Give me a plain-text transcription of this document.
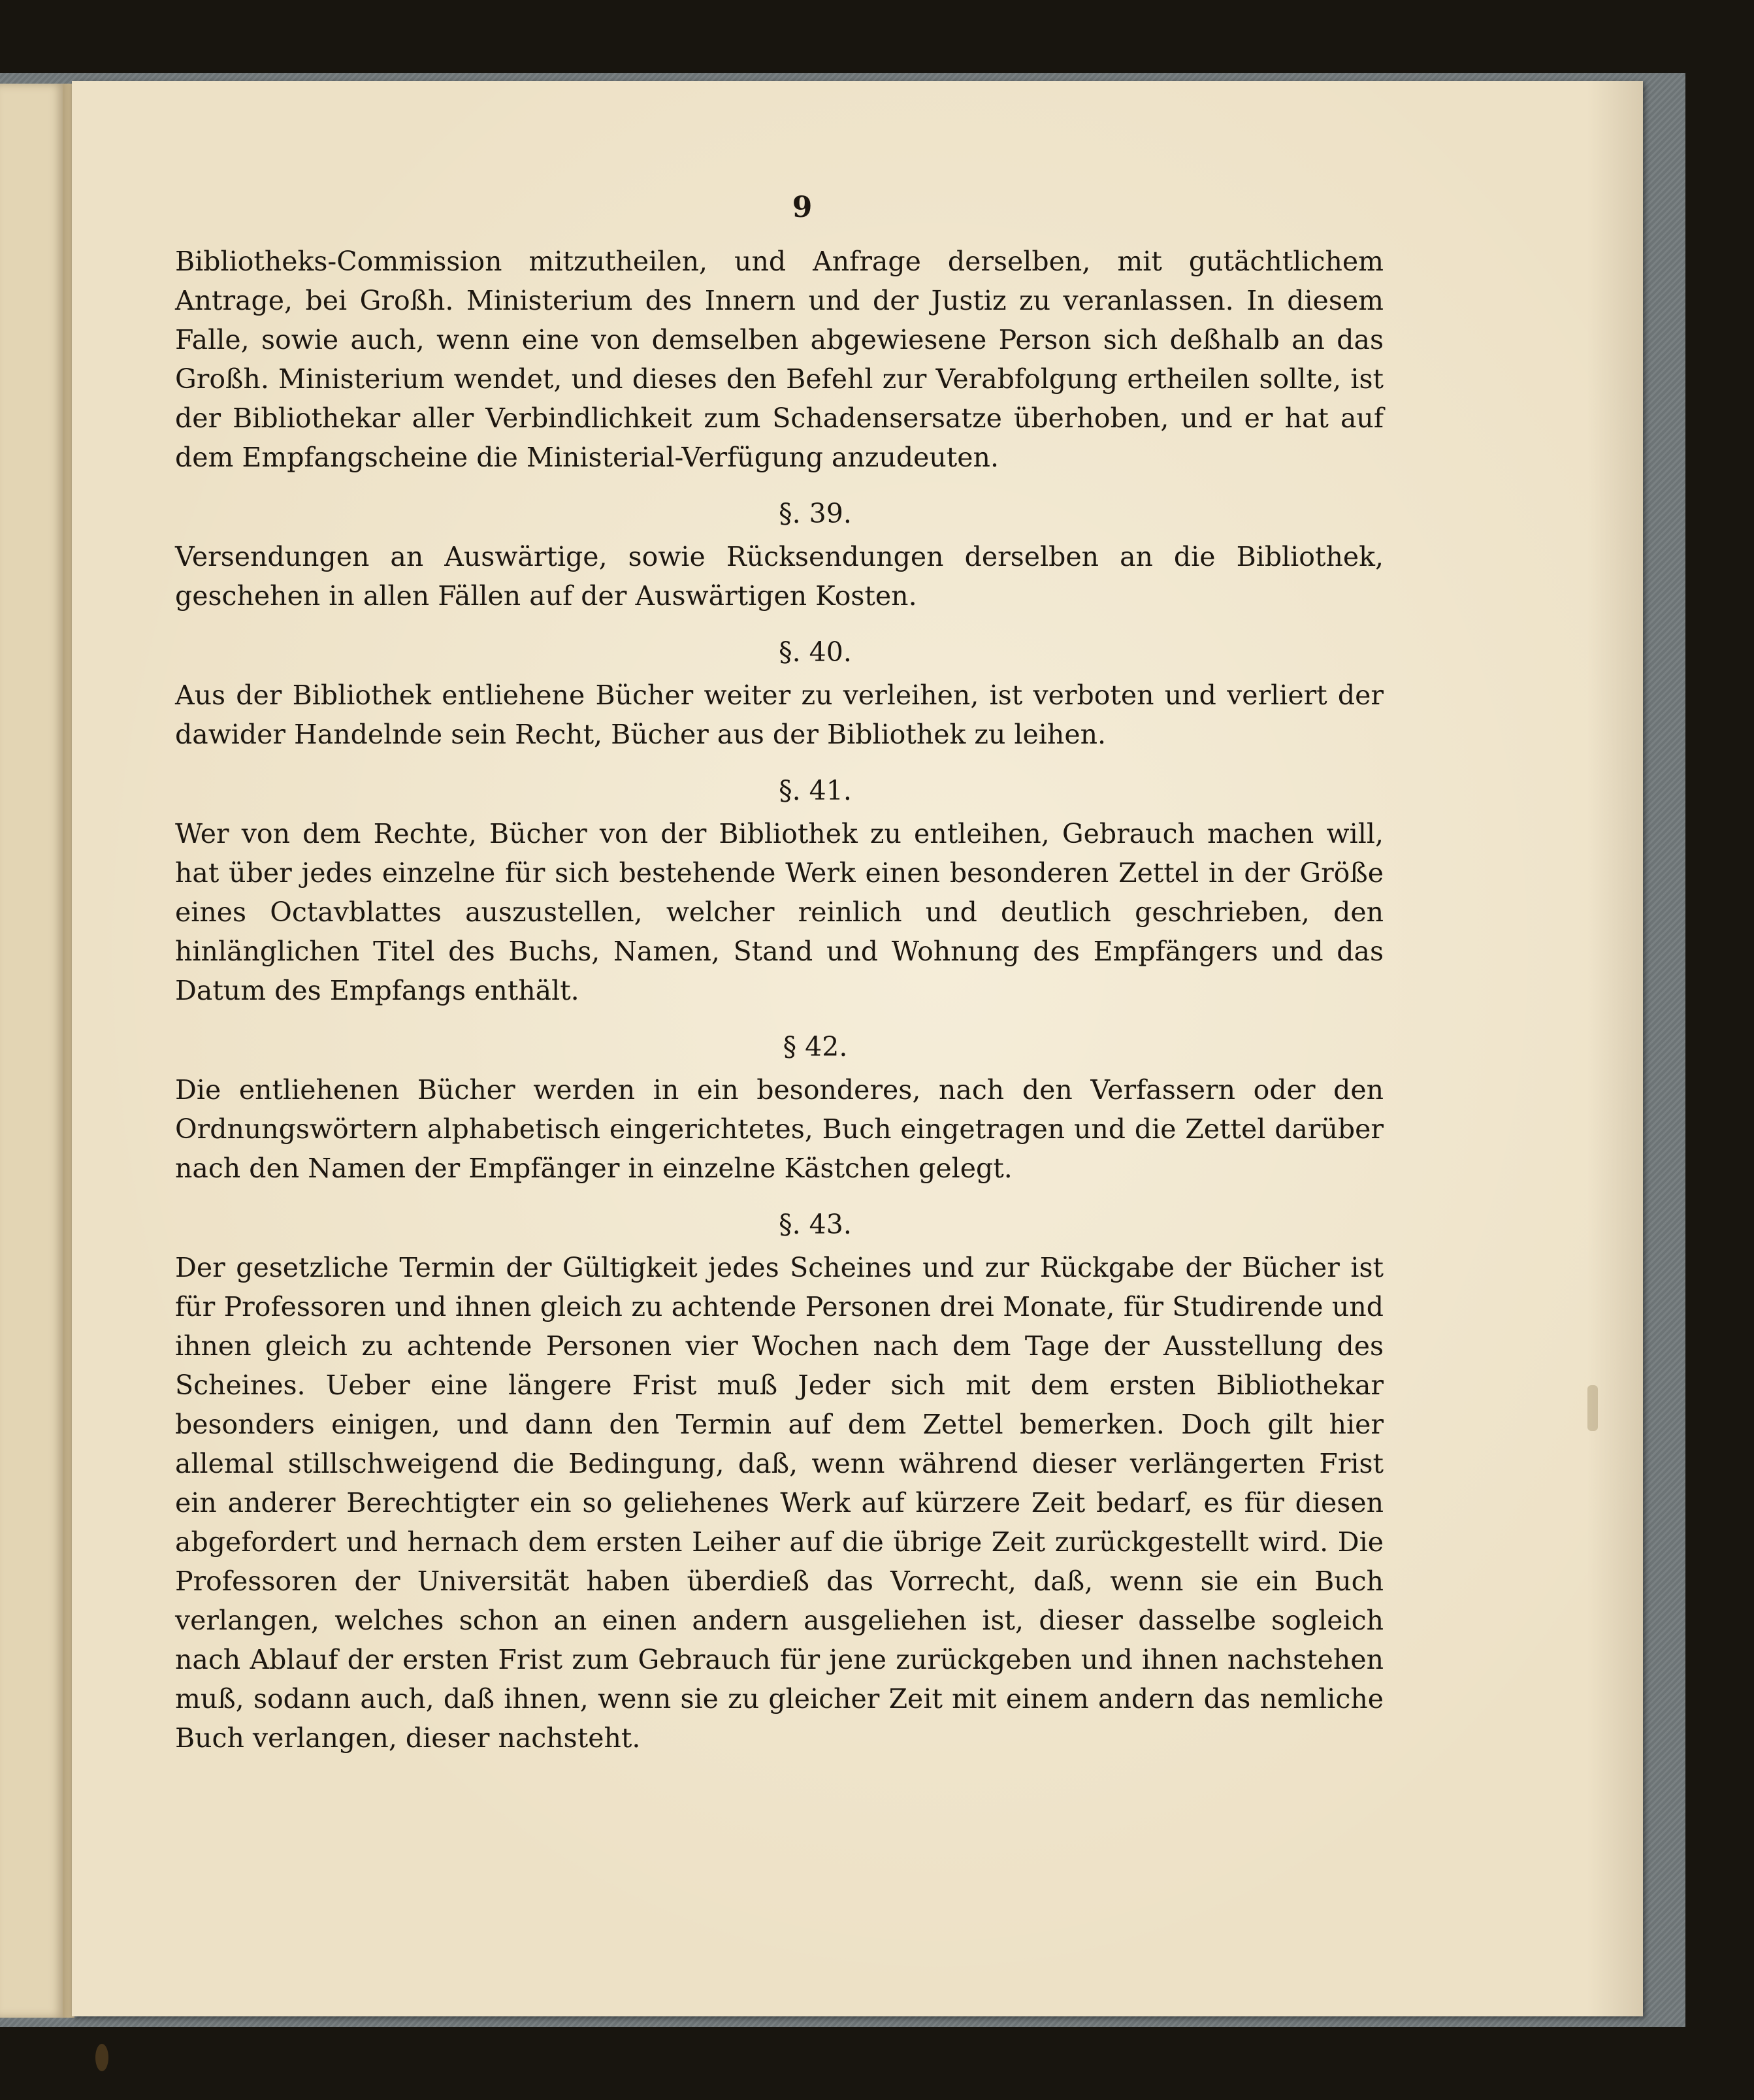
9

Bibliotheks-Commission mitzutheilen, und Anfrage derselben, mit gutächtlichem Antrage, bei Großh. Ministerium des Innern und der Justiz zu veranlassen. In diesem Falle, sowie auch, wenn eine von demselben abgewiesene Person sich deßhalb an das Großh. Ministerium wendet, und dieses den Befehl zur Verabfolgung ertheilen sollte, ist der Bibliothekar aller Verbindlichkeit zum Schadensersatze überhoben, und er hat auf dem Empfangscheine die Ministerial-Verfügung anzudeuten.

§. 39.

Versendungen an Auswärtige, sowie Rücksendungen derselben an die Bibliothek, geschehen in allen Fällen auf der Auswärtigen Kosten.

§. 40.

Aus der Bibliothek entliehene Bücher weiter zu verleihen, ist verboten und verliert der dawider Handelnde sein Recht, Bücher aus der Bibliothek zu leihen.

§. 41.

Wer von dem Rechte, Bücher von der Bibliothek zu entleihen, Gebrauch machen will, hat über jedes einzelne für sich bestehende Werk einen besonderen Zettel in der Größe eines Octavblattes auszustellen, welcher reinlich und deutlich geschrieben, den hinlänglichen Titel des Buchs, Namen, Stand und Wohnung des Empfängers und das Datum des Empfangs enthält.

§ 42.

Die entliehenen Bücher werden in ein besonderes, nach den Verfassern oder den Ordnungswörtern alphabetisch eingerichtetes, Buch eingetragen und die Zettel darüber nach den Namen der Empfänger in einzelne Kästchen gelegt.

§. 43.

Der gesetzliche Termin der Gültigkeit jedes Scheines und zur Rückgabe der Bücher ist für Professoren und ihnen gleich zu achtende Personen drei Monate, für Studirende und ihnen gleich zu achtende Personen vier Wochen nach dem Tage der Ausstellung des Scheines. Ueber eine längere Frist muß Jeder sich mit dem ersten Bibliothekar besonders einigen, und dann den Termin auf dem Zettel bemerken. Doch gilt hier allemal stillschweigend die Bedingung, daß, wenn während dieser verlängerten Frist ein anderer Berechtigter ein so geliehenes Werk auf kürzere Zeit bedarf, es für diesen abgefordert und hernach dem ersten Leiher auf die übrige Zeit zurückgestellt wird. Die Professoren der Universität haben überdieß das Vorrecht, daß, wenn sie ein Buch verlangen, welches schon an einen andern ausgeliehen ist, dieser dasselbe sogleich nach Ablauf der ersten Frist zum Gebrauch für jene zurückgeben und ihnen nachstehen muß, sodann auch, daß ihnen, wenn sie zu gleicher Zeit mit einem andern das nemliche Buch verlangen, dieser nachsteht.
